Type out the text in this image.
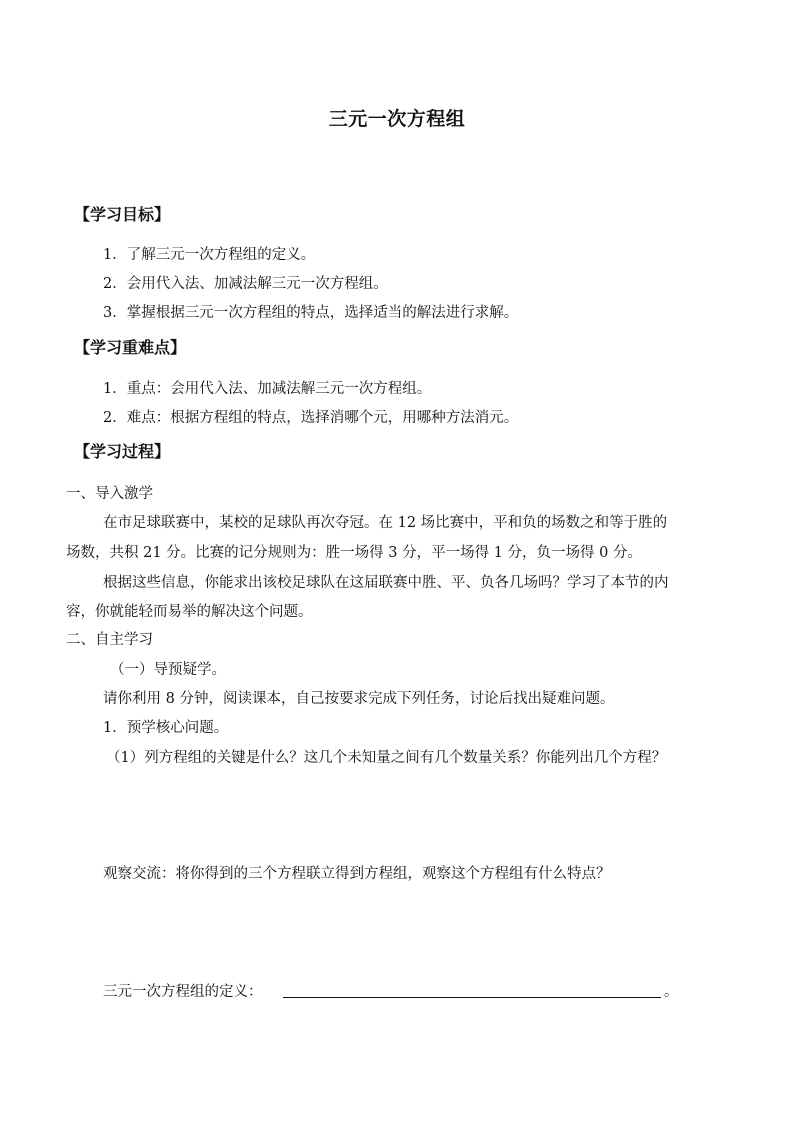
三元一次方程组
【学习目标】
1．了解三元一次方程组的定义。
2．会用代入法、加减法解三元一次方程组。
3．掌握根据三元一次方程组的特点，选择适当的解法进行求解。
【学习重难点】
1．重点：会用代入法、加减法解三元一次方程组。
2．难点：根据方程组的特点，选择消哪个元，用哪种方法消元。
【学习过程】
一、导入激学
在市足球联赛中，某校的足球队再次夺冠。在 12 场比赛中，平和负的场数之和等于胜的
场数，共积 21 分。比赛的记分规则为：胜一场得 3 分，平一场得 1 分，负一场得 0 分。
根据这些信息，你能求出该校足球队在这届联赛中胜、平、负各几场吗？学习了本节的内
容，你就能轻而易举的解决这个问题。
二、自主学习
（一）导预疑学。
请你利用 8 分钟，阅读课本，自己按要求完成下列任务，讨论后找出疑难问题。
1．预学核心问题。
（1）列方程组的关键是什么？这几个未知量之间有几个数量关系？你能列出几个方程？
观察交流：将你得到的三个方程联立得到方程组，观察这个方程组有什么特点？
三元一次方程组的定义：	。
